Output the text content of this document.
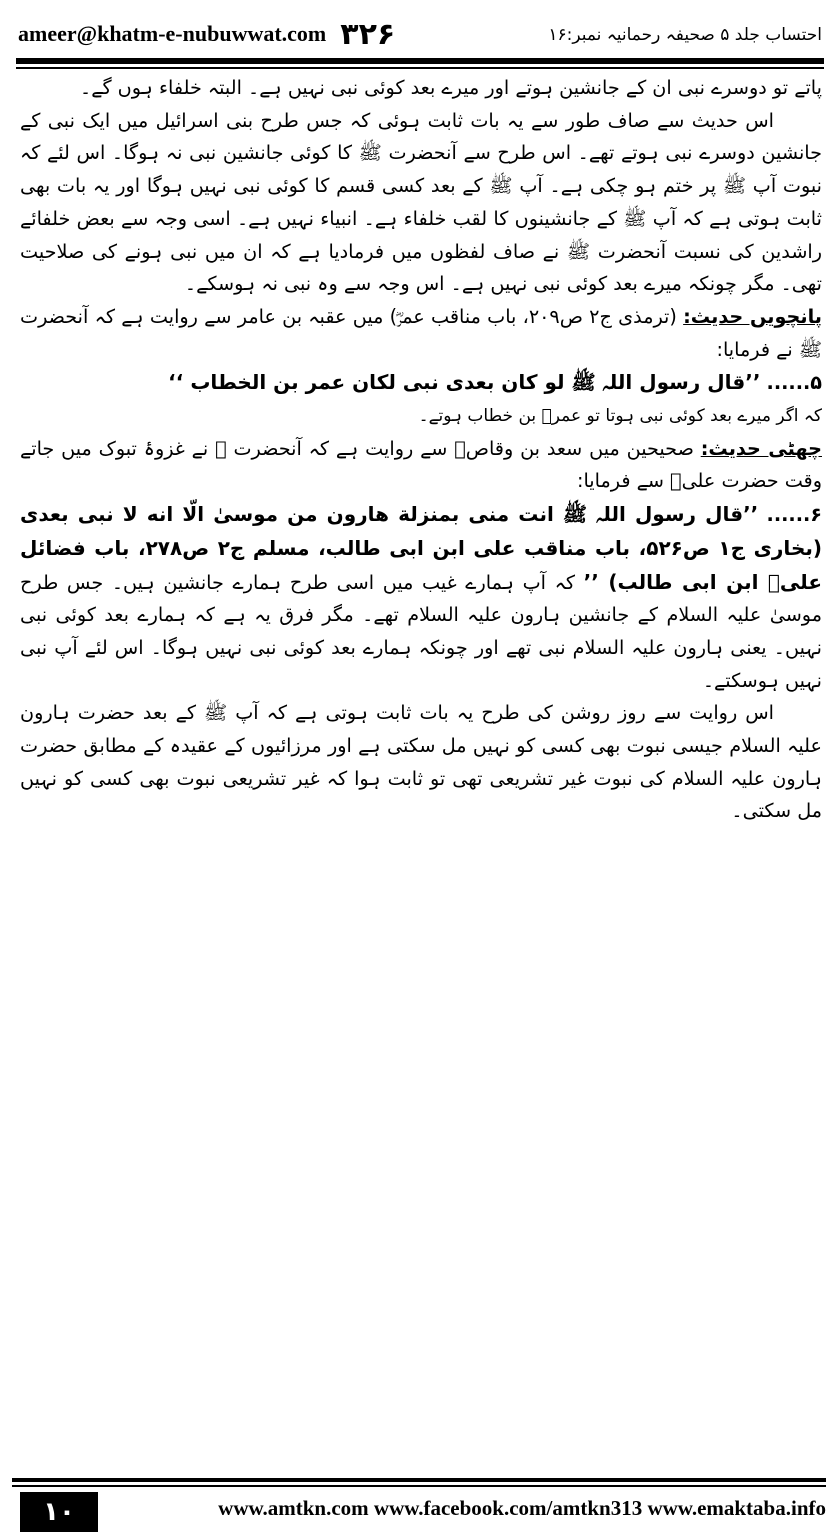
ameer@khatm-e-nubuwwat.com ۳۲۶	احتساب جلد ۵ صحیفہ رحمانیہ نمبر:۱۶

پاتے تو دوسرے نبی ان کے جانشین ہوتے اور میرے بعد کوئی نبی نہیں ہے۔ البتہ خلفاء ہوں گے۔

اس حدیث سے صاف طور سے یہ بات ثابت ہوئی کہ جس طرح بنی اسرائیل میں ایک نبی کے جانشین دوسرے نبی ہوتے تھے۔ اس طرح سے آنحضرت ﷺ کا کوئی جانشین نبی نہ ہوگا۔ اس لئے کہ نبوت آپ ﷺ پر ختم ہو چکی ہے۔ آپ ﷺ کے بعد کسی قسم کا کوئی نبی نہیں ہوگا اور یہ بات بھی ثابت ہوتی ہے کہ آپ ﷺ کے جانشینوں کا لقب خلفاء ہے۔ انبیاء نہیں ہے۔ اسی وجہ سے بعض خلفائے راشدین کی نسبت آنحضرت ﷺ نے صاف لفظوں میں فرمادیا ہے کہ ان میں نبی ہونے کی صلاحیت تھی۔ مگر چونکہ میرے بعد کوئی نبی نہیں ہے۔ اس وجہ سے وہ نبی نہ ہوسکے۔

پانچویں حدیث: (ترمذی ج۲ ص۲۰۹، باب مناقب عمرؓ) میں عقبہ بن عامر سے روایت ہے کہ آنحضرت ﷺ نے فرمایا:

۵...... ’’قال رسول اللہ ﷺ لو کان بعدی نبی لکان عمر بن الخطاب ‘‘

کہ اگر میرے بعد کوئی نبی ہوتا تو عمرؓ بن خطاب ہوتے۔

چھٹی حدیث: صحیحین میں سعد بن وقاصؓ سے روایت ہے کہ آنحضرت ﷺ نے غزوۂ تبوک میں جاتے وقت حضرت علیؓ سے فرمایا:

۶...... ’’قال رسول اللہ ﷺ انت منی بمنزلة هارون من موسیٰ الّا انه لا نبی بعدی (بخاری ج۱ ص۵۲۶، باب مناقب علی ابن ابی طالب، مسلم ج۲ ص۲۷۸، باب فضائل علیؓ ابن ابی طالب) ’’ کہ آپ ہمارے غیب میں اسی طرح ہمارے جانشین ہیں۔ جس طرح موسیٰ علیہ السلام کے جانشین ہارون علیہ السلام تھے۔ مگر فرق یہ ہے کہ ہمارے بعد کوئی نبی نہیں۔ یعنی ہارون علیہ السلام نبی تھے اور چونکہ ہمارے بعد کوئی نبی نہیں ہوگا۔ اس لئے آپ نبی نہیں ہوسکتے۔

اس روایت سے روز روشن کی طرح یہ بات ثابت ہوتی ہے کہ آپ ﷺ کے بعد حضرت ہارون علیہ السلام جیسی نبوت بھی کسی کو نہیں مل سکتی ہے اور مرزائیوں کے عقیدہ کے مطابق حضرت ہارون علیہ السلام کی نبوت غیر تشریعی تھی تو ثابت ہوا کہ غیر تشریعی نبوت بھی کسی کو نہیں مل سکتی۔

۱۰	www.amtkn.com www.facebook.com/amtkn313 www.emaktaba.info
